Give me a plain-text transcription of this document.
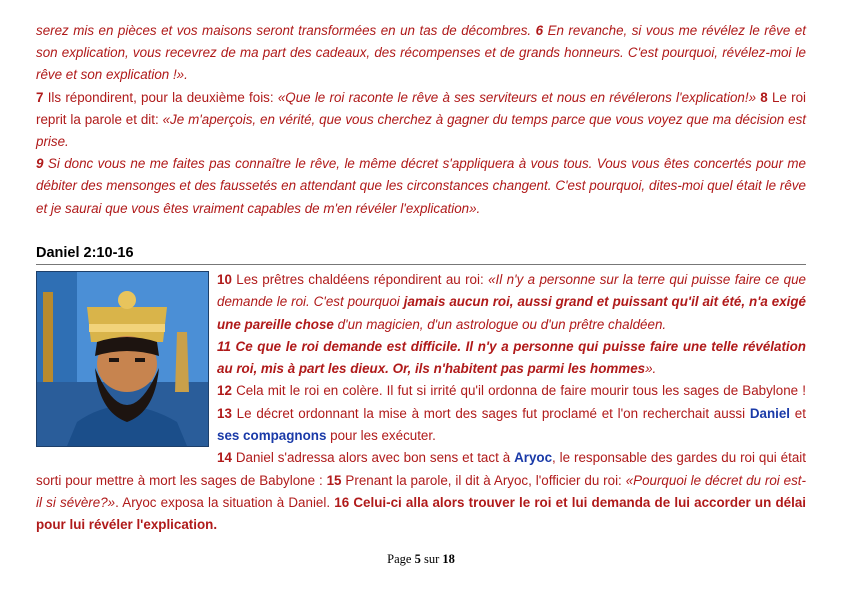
serez mis en pièces et vos maisons seront transformées en un tas de décombres. 6 En revanche, si vous me révélez le rêve et son explication, vous recevrez de ma part des cadeaux, des récompenses et de grands honneurs. C'est pourquoi, révélez-moi le rêve et son explication !».

7 Ils répondirent, pour la deuxième fois: «Que le roi raconte le rêve à ses serviteurs et nous en révélerons l'explication!» 8 Le roi reprit la parole et dit: «Je m'aperçois, en vérité, que vous cherchez à gagner du temps parce que vous voyez que ma décision est prise.

9 Si donc vous ne me faites pas connaître le rêve, le même décret s'appliquera à vous tous. Vous vous êtes concertés pour me débiter des mensonges et des faussetés en attendant que les circonstances changent. C'est pourquoi, dites-moi quel était le rêve et je saurai que vous êtes vraiment capables de m'en révéler l'explication».

Daniel 2:10-16

10 Les prêtres chaldéens répondirent au roi: «Il n'y a personne sur la terre qui puisse faire ce que demande le roi. C'est pourquoi jamais aucun roi, aussi grand et puissant qu'il ait été, n'a exigé une pareille chose d'un magicien, d'un astrologue ou d'un prêtre chaldéen.
11 Ce que le roi demande est difficile. Il n'y a personne qui puisse faire une telle révélation au roi, mis à part les dieux. Or, ils n'habitent pas parmi les hommes».
12 Cela mit le roi en colère. Il fut si irrité qu'il ordonna de faire mourir tous les sages de Babylone ! 13 Le décret ordonnant la mise à mort des sages fut proclamé et l'on recherchait aussi Daniel et ses compagnons pour les exécuter.
14 Daniel s'adressa alors avec bon sens et tact à Aryoc, le responsable des gardes du roi qui était sorti pour mettre à mort les sages de Babylone : 15 Prenant la parole, il dit à Aryoc, l'officier du roi: «Pourquoi le décret du roi est-il si sévère?». Aryoc exposa la situation à Daniel. 16 Celui-ci alla alors trouver le roi et lui demanda de lui accorder un délai pour lui révéler l'explication.

Page 5 sur 18
